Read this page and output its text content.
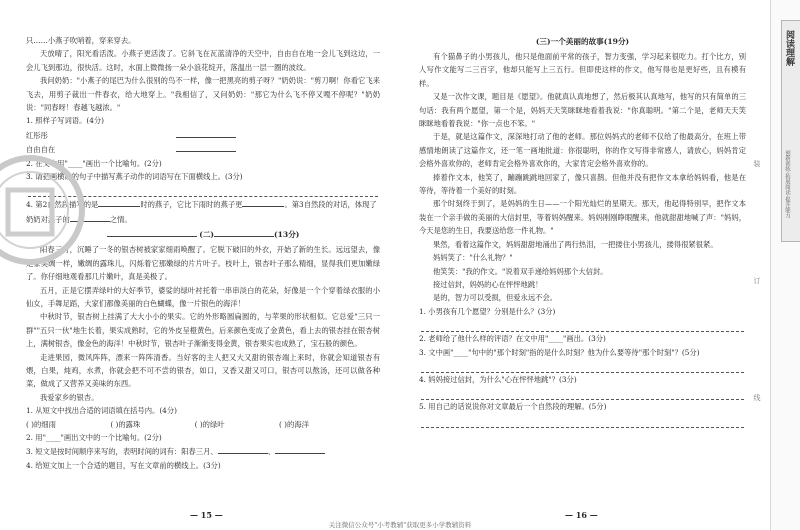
只……小燕子吹哨着，穿来穿去。

天放晴了，阳光看活泼。小燕子更活泼了。它斜飞在瓦蓝清净的天空中，自由自在地一会儿飞到这边，一会儿飞到那边，很快活。这时，水面上微微扬一朵小浪花绽开，落温出一层一圈的波纹。

我问奶奶："小燕子的尾巴为什么很别的鸟不一样，像一把黑亮的剪子呀？"奶奶说："剪刀啊！你看它飞来飞去，用剪子裁出一件春衣，给大地穿上。"我相信了，又问奶奶："那它为什么飞不停又嘎不停呢？"奶奶说："同春呀！春越飞越浓。"

1. 照样子写词语。(4分)
红彤彤
自由自在
2. 在文中用"____"画出一个比喻句。(2分)
3. 请把画横线的句子中描写燕子动作的词语写在下面横线上。(3分)
4. 第2自然段描写的是	时的燕子，它比下雨时的燕子更	。第3自然段的对话，体现了奶奶对燕子的	之情。
(二)	(13分)

阳春三月，沉睡了一冬的银杏树被家家细雨唤醒了。它脱下破旧的外衣，开始了新的生长。远远望去，像是家美绸一样，嫩绸的露珠儿，闪烁着它那嫩绿的片片叶子。枝叶上，银杏叶子那么精细，显得我们更加嫩绿了。你仔细地观看那几片嫩叶，真是美极了。

五月，正是它摆弄绿叶的大好季节，婆娑的绿叶衬托着一串串淡白的花朵，好像是一个个穿着绿衣服的小仙女，手舞足蹈，大家们都像美丽的白色蝴蝶，像一片银色的海洋！

中秋时节，银杏树上挂满了大大小小的果实。它的外形略圆扁圆的，与苹果的形状相似。它总爱"三只一群""五只一伙"地生长着，果实成熟时，它的外皮呈橙黄色，后来颜色变成了金黄色，看上去的银杏挂在银杏树上，满树银杏，像金色的海洋！中秋时节，银杏叶子渐渐变得金黄，银杏果实也成熟了，宝石般的颜色。

走进果园，微风阵阵，漂来一阵阵清香。当好客的主人把又大又甜的银杏端上来时，你就会知道银杏有煨，白果，炖鸡，水煮，你就会把不可不尝的银杏，如口，又香又甜又可口，银杏可以熬汤，还可以做各种菜，做成了又营养又美味的东西。

我爱家乡的银杏。

1. 从短文中找出合适的词语填在括号内。(4分)
( )的细雨	( )的露珠	( )的绿叶	( )的海洋
2. 用"____"画出文中的一个比喻句。(2分)
3. 短文是按时间顺序来写的，表明时间的词有：阳春三月、	、
4. 给短文加上一个合适的题目，写在文章前的横线上。(3分)
— 15 —
(三)一个美丽的故事(19分)

有个猫鼻子的小男孩儿，他只是他面前平常的孩子，智力变强，学习起来很吃力。打个比方，别人写作文能写二三百字，他却只能写上三五行。但即使这样的作文，他写得也是更好些，且有模有样。

又是一次作文课，题目是《愿望》。他就真认真地想了，然后极其认真地写，他写的只有简单的三句话：我有两个愿望，第一个是，妈妈天天笑眯眯地看着我说："你真聪明。"第二个是，老师天天笑眯眯地看着我说："你一点也不笨。"

于是，就是这篇作文，深深地打动了他的老师。那位妈妈式的老师不仅给了他最高分，在班上带感情地朗读了这篇作文，还一笔一画地批道：你很聪明，你的作文写得非常感人，请放心，妈妈肯定会格外喜欢你的，老师肯定会格外喜欢你的，大家肯定会格外喜欢你的。

捧着作文本，他笑了，蹦蹦跳跳地回家了，像只喜鹊。但他并没有把作文本拿给妈妈看，他是在等待，等待着一个美好的时刻。

那个时刻终于到了，是妈妈的生日——一个阳光灿烂的星期天。那天，他起得特别早，把作文本装在一个亲手做的美丽的大信封里，等着妈妈醒来。妈妈刚刚睁眼醒来，他就甜甜地喊了声："妈妈，今天是您的生日，我要送给您一件礼物。"

果然，看着这篇作文，妈妈甜甜地涌出了两行热泪，一把搂住小男孩儿，搂得很紧很紧。

妈妈笑了："什么礼物？"

他笑笑："我的作文。"说着双手递给妈妈那个大信封。

接过信封，妈妈的心在怦怦地跳！

是的，智力可以受损，但爱永远不会。

1. 小男孩有几个愿望？分别是什么？(3分)
2. 老师给了他什么样的评语？在文中用"____"画出。(3分)
3. 文中画"____"句中的"那个时刻"指的是什么时刻？他为什么要等待"那个时刻"？(5分)
4. 妈妈接过信封，为什么"心在怦怦地跳"？(3分)
5. 用自己的话说说你对文章最后一个自然段的理解。(5分)
— 16 —
装订线
阅读理解
创新训练·拓展阅读·提升能力
关注微信公众号"小考教辅"获取更多小学教辅资料
